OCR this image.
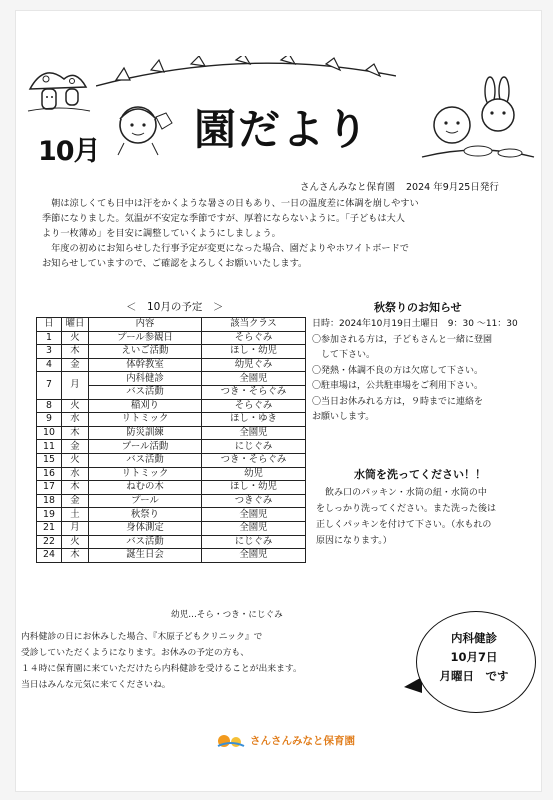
10月 園だより
さんさんみなと保育園 2024 年9月25日発行

　朝は涼しくても日中は汗をかくような暑さの日もあり、一日の温度差に体調を崩しやすい

季節になりました。気温が不安定な季節ですが、厚着にならないように。「子どもは大人

より一枚薄め」を目安に調整していくようにしましょう。

　年度の初めにお知らせした行事予定が変更になった場合、園だよりやホワイトボードで

お知らせしていますので、ご確認をよろしくお願いいたします。

＜　10月の予定　＞
日	曜日	内容	該当クラス
1	火	プール参観日	そらぐみ
3	木	えいご活動	ほし・幼児
4	金	体幹教室	幼児ぐみ
7	月	内科健診	全園児
		バス活動	つき・そらぐみ
8	火	稲刈り	そらぐみ
9	水	リトミック	ほし・ゆき
10	木	防災訓練	全園児
11	金	プール活動	にじぐみ
15	火	バス活動	つき・そらぐみ
16	水	リトミック	幼児
17	木	ねむの木	ほし・幼児
18	金	プール	つきぐみ
19	土	秋祭り	全園児
21	月	身体測定	全園児
22	火	バス活動	にじぐみ
24	木	誕生日会	全園児
幼児…そら・つき・にじぐみ
秋祭りのお知らせ

日時：2024年10月19日土曜日　9：30 ～11：30

〇参加される方は，子どもさんと一緒に登園

　して下さい。

〇発熱・体調不良の方は欠席して下さい。

〇駐車場は，公共駐車場をご利用下さい。

〇当日お休みれる方は，９時までに連絡を

お願いします。

水筒を洗ってください！！

　飲み口のパッキン・水筒の紐・水筒の中

をしっかり洗ってください。また洗った後は

正しくパッキンを付けて下さい。（水もれの

原因になります。）

内科健診の日にお休みした場合、『木原子どもクリニック』で
受診していただくようになります。お休みの予定の方も、
１４時に保育園に来ていただけたら内科健診を受けることが出来ます。
当日はみんな元気に来てくださいね。
内科健診
10月7日
月曜日　です
さんさんみなと保育園
